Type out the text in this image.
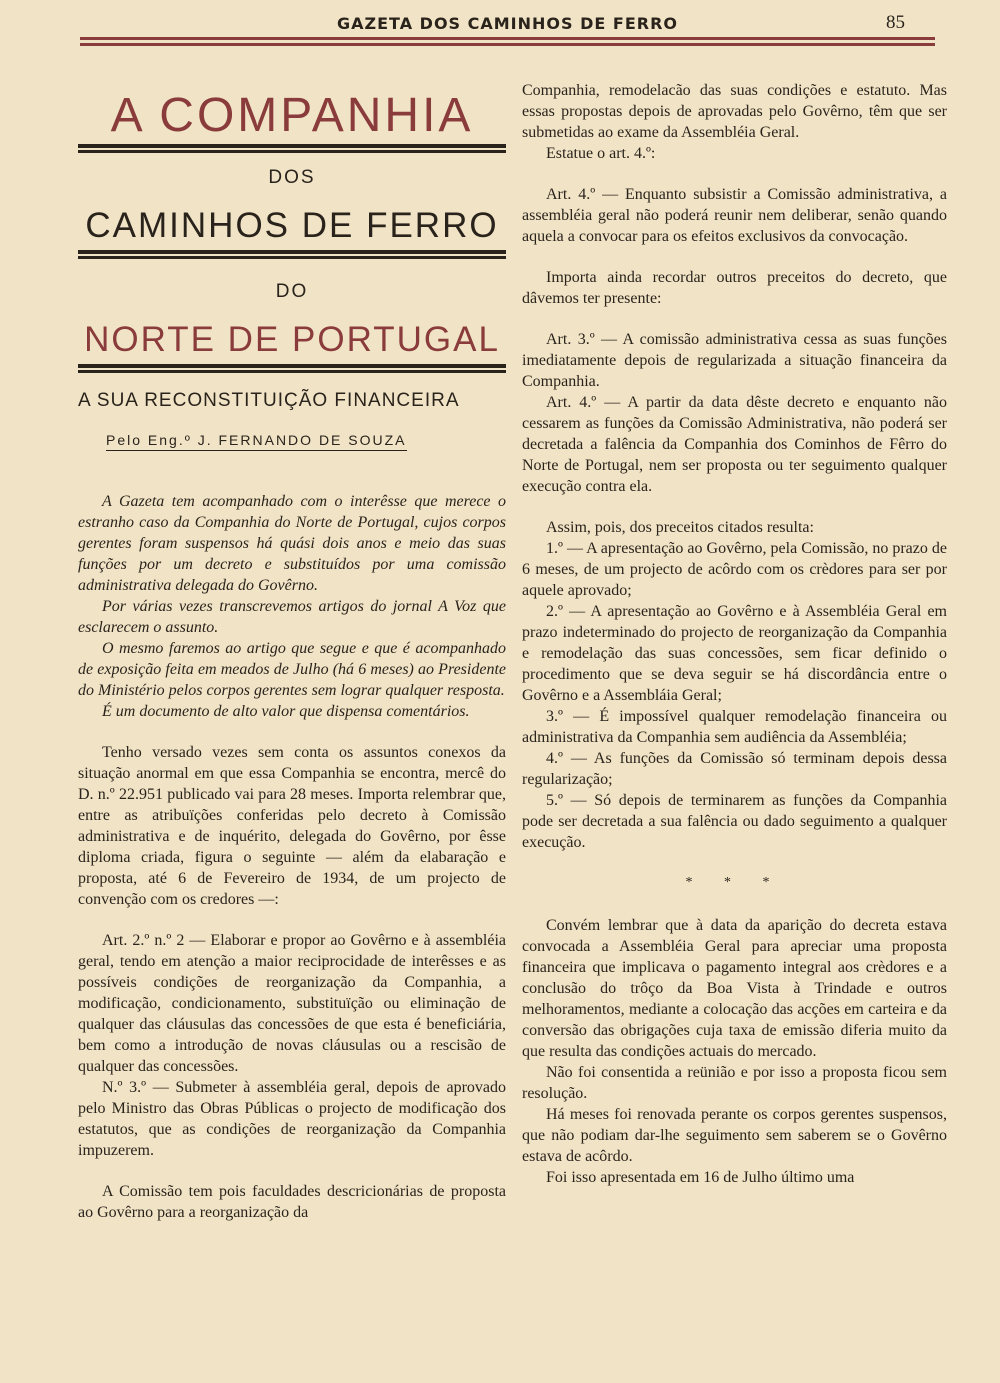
GAZETA DOS CAMINHOS DE FERRO	85
A COMPANHIA
DOS
CAMINHOS DE FERRO
DO
NORTE DE PORTUGAL
A SUA RECONSTITUIÇÃO FINANCEIRA
Pelo Eng.º J. FERNANDO DE SOUZA

A Gazeta tem acompanhado com o interêsse que merece o estranho caso da Companhia do Norte de Portugal, cujos corpos gerentes foram suspensos há quási dois anos e meio das suas funções por um decreto e substituídos por uma comissão administrativa delegada do Govêrno.

Por várias vezes transcrevemos artigos do jornal A Voz que esclarecem o assunto.

O mesmo faremos ao artigo que segue e que é acompanhado de exposição feita em meados de Julho (há 6 meses) ao Presidente do Ministério pelos corpos gerentes sem lograr qualquer resposta.

É um documento de alto valor que dispensa comentários.

Tenho versado vezes sem conta os assuntos conexos da situação anormal em que essa Companhia se encontra, mercê do D. n.º 22.951 publicado vai para 28 meses. Importa relembrar que, entre as atribuïções conferidas pelo decreto à Comissão administrativa e de inquérito, delegada do Govêrno, por êsse diploma criada, figura o seguinte — além da elabaração e proposta, até 6 de Fevereiro de 1934, de um projecto de convenção com os credores —:

Art. 2.º n.º 2 — Elaborar e propor ao Govêrno e à assembléia geral, tendo em atenção a maior reciprocidade de interêsses e as possíveis condições de reorganização da Companhia, a modificação, condicionamento, substituïção ou eliminação de qualquer das cláusulas das concessões de que esta é beneficiária, bem como a introdução de novas cláusulas ou a rescisão de qualquer das concessões.

N.º 3.º — Submeter à assembléia geral, depois de aprovado pelo Ministro das Obras Públicas o projecto de modificação dos estatutos, que as condições de reorganização da Companhia impuzerem.

A Comissão tem pois faculdades descricionárias de proposta ao Govêrno para a reorganização da

Companhia, remodelacão das suas condições e estatuto. Mas essas propostas depois de aprovadas pelo Govêrno, têm que ser submetidas ao exame da Assembléia Geral.

Estatue o art. 4.º:

Art. 4.º — Enquanto subsistir a Comissão administrativa, a assembléia geral não poderá reunir nem deliberar, senão quando aquela a convocar para os efeitos exclusivos da convocação.

Importa ainda recordar outros preceitos do decreto, que dâvemos ter presente:

Art. 3.º — A comissão administrativa cessa as suas funções imediatamente depois de regularizada a situação financeira da Companhia.

Art. 4.º — A partir da data dêste decreto e enquanto não cessarem as funções da Comissão Administrativa, não poderá ser decretada a falência da Companhia dos Cominhos de Fêrro do Norte de Portugal, nem ser proposta ou ter seguimento qualquer execução contra ela.

Assim, pois, dos preceitos citados resulta:

1.º — A apresentação ao Govêrno, pela Comissão, no prazo de 6 meses, de um projecto de acôrdo com os crèdores para ser por aquele aprovado;

2.º — A apresentação ao Govêrno e à Assembléia Geral em prazo indeterminado do projecto de reorganização da Companhia e remodelação das suas concessões, sem ficar definido o procedimento que se deva seguir se há discordância entre o Govêrno e a Assembláia Geral;

3.º — É impossível qualquer remodelação financeira ou administrativa da Companhia sem audiência da Assembléia;

4.º — As funções da Comissão só terminam depois dessa regularização;

5.º — Só depois de terminarem as funções da Companhia pode ser decretada a sua falência ou dado seguimento a qualquer execução.

* * *

Convém lembrar que à data da aparição do decreta estava convocada a Assembléia Geral para apreciar uma proposta financeira que implicava o pagamento integral aos crèdores e a conclusão do trôço da Boa Vista à Trindade e outros melhoramentos, mediante a colocação das acções em carteira e da conversão das obrigações cuja taxa de emissão diferia muito da que resulta das condições actuais do mercado.

Não foi consentida a reünião e por isso a proposta ficou sem resolução.

Há meses foi renovada perante os corpos gerentes suspensos, que não podiam dar-lhe seguimento sem saberem se o Govêrno estava de acôrdo.

Foi isso apresentada em 16 de Julho último uma
